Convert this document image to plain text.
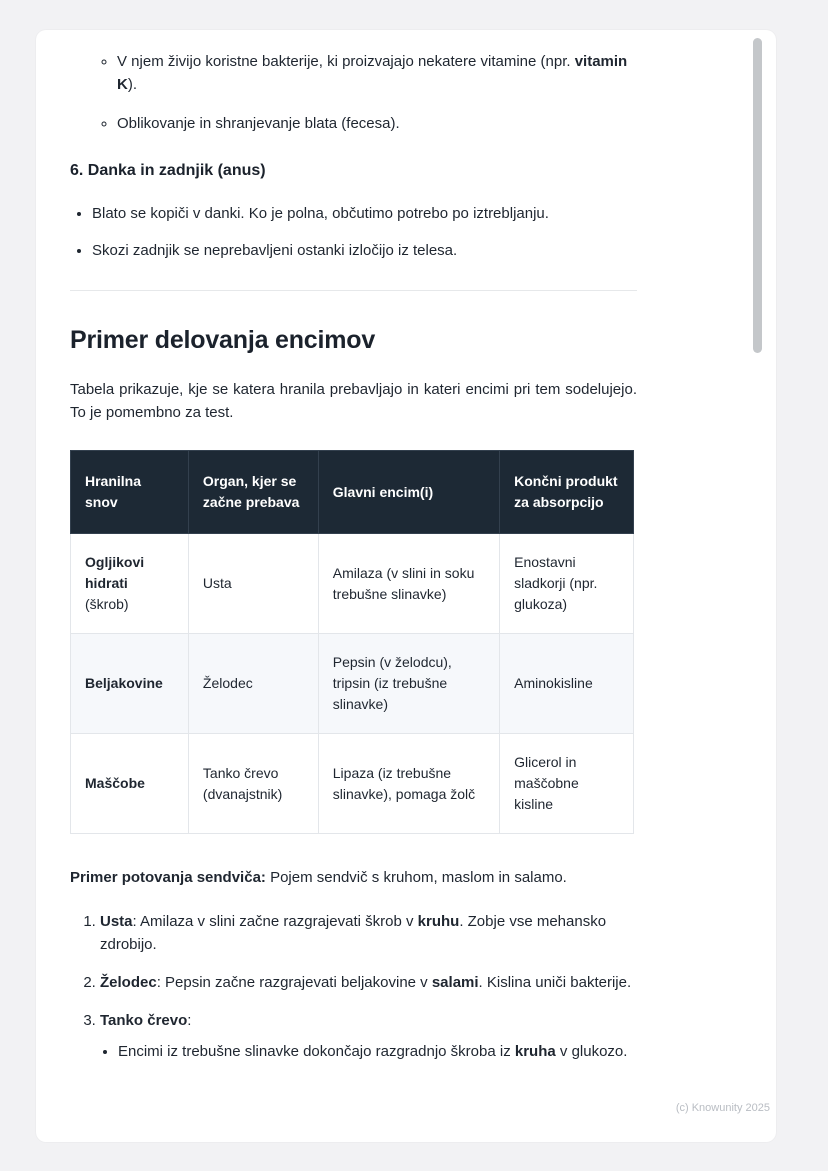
◦ V njem živijo koristne bakterije, ki proizvajajo nekatere vitamine (npr. vitamin K).
◦ Oblikovanje in shranjevanje blata (fecesa).
6. Danka in zadnjik (anus)
• Blato se kopiči v danki. Ko je polna, občutimo potrebo po iztrebljanju.
• Skozi zadnjik se neprebavljeni ostanki izločijo iz telesa.
Primer delovanja encimov

Tabela prikazuje, kje se katera hranila prebavljajo in kateri encimi pri tem sodelujejo. To je pomembno za test.

Hranilna snov	Organ, kjer se začne prebava	Glavni encim(i)	Končni produkt za absorpcijo
Ogljikovi hidrati (škrob)	Usta	Amilaza (v slini in soku trebušne slinavke)	Enostavni sladkorji (npr. glukoza)
Beljakovine	Želodec	Pepsin (v želodcu), tripsin (iz trebušne slinavke)	Aminokisline
Maščobe	Tanko črevo (dvanajstnik)	Lipaza (iz trebušne slinavke), pomaga žolč	Glicerol in maščobne kisline

Primer potovanja sendviča: Pojem sendvič s kruhom, maslom in salamo.

1. Usta: Amilaza v slini začne razgrajevati škrob v kruhu. Zobje vse mehansko zdrobijo.
2. Želodec: Pepsin začne razgrajevati beljakovine v salami. Kislina uniči bakterije.
3. Tanko črevo:
• Encimi iz trebušne slinavke dokončajo razgradnjo škroba iz kruha v glukozo.
(c) Knowunity 2025
